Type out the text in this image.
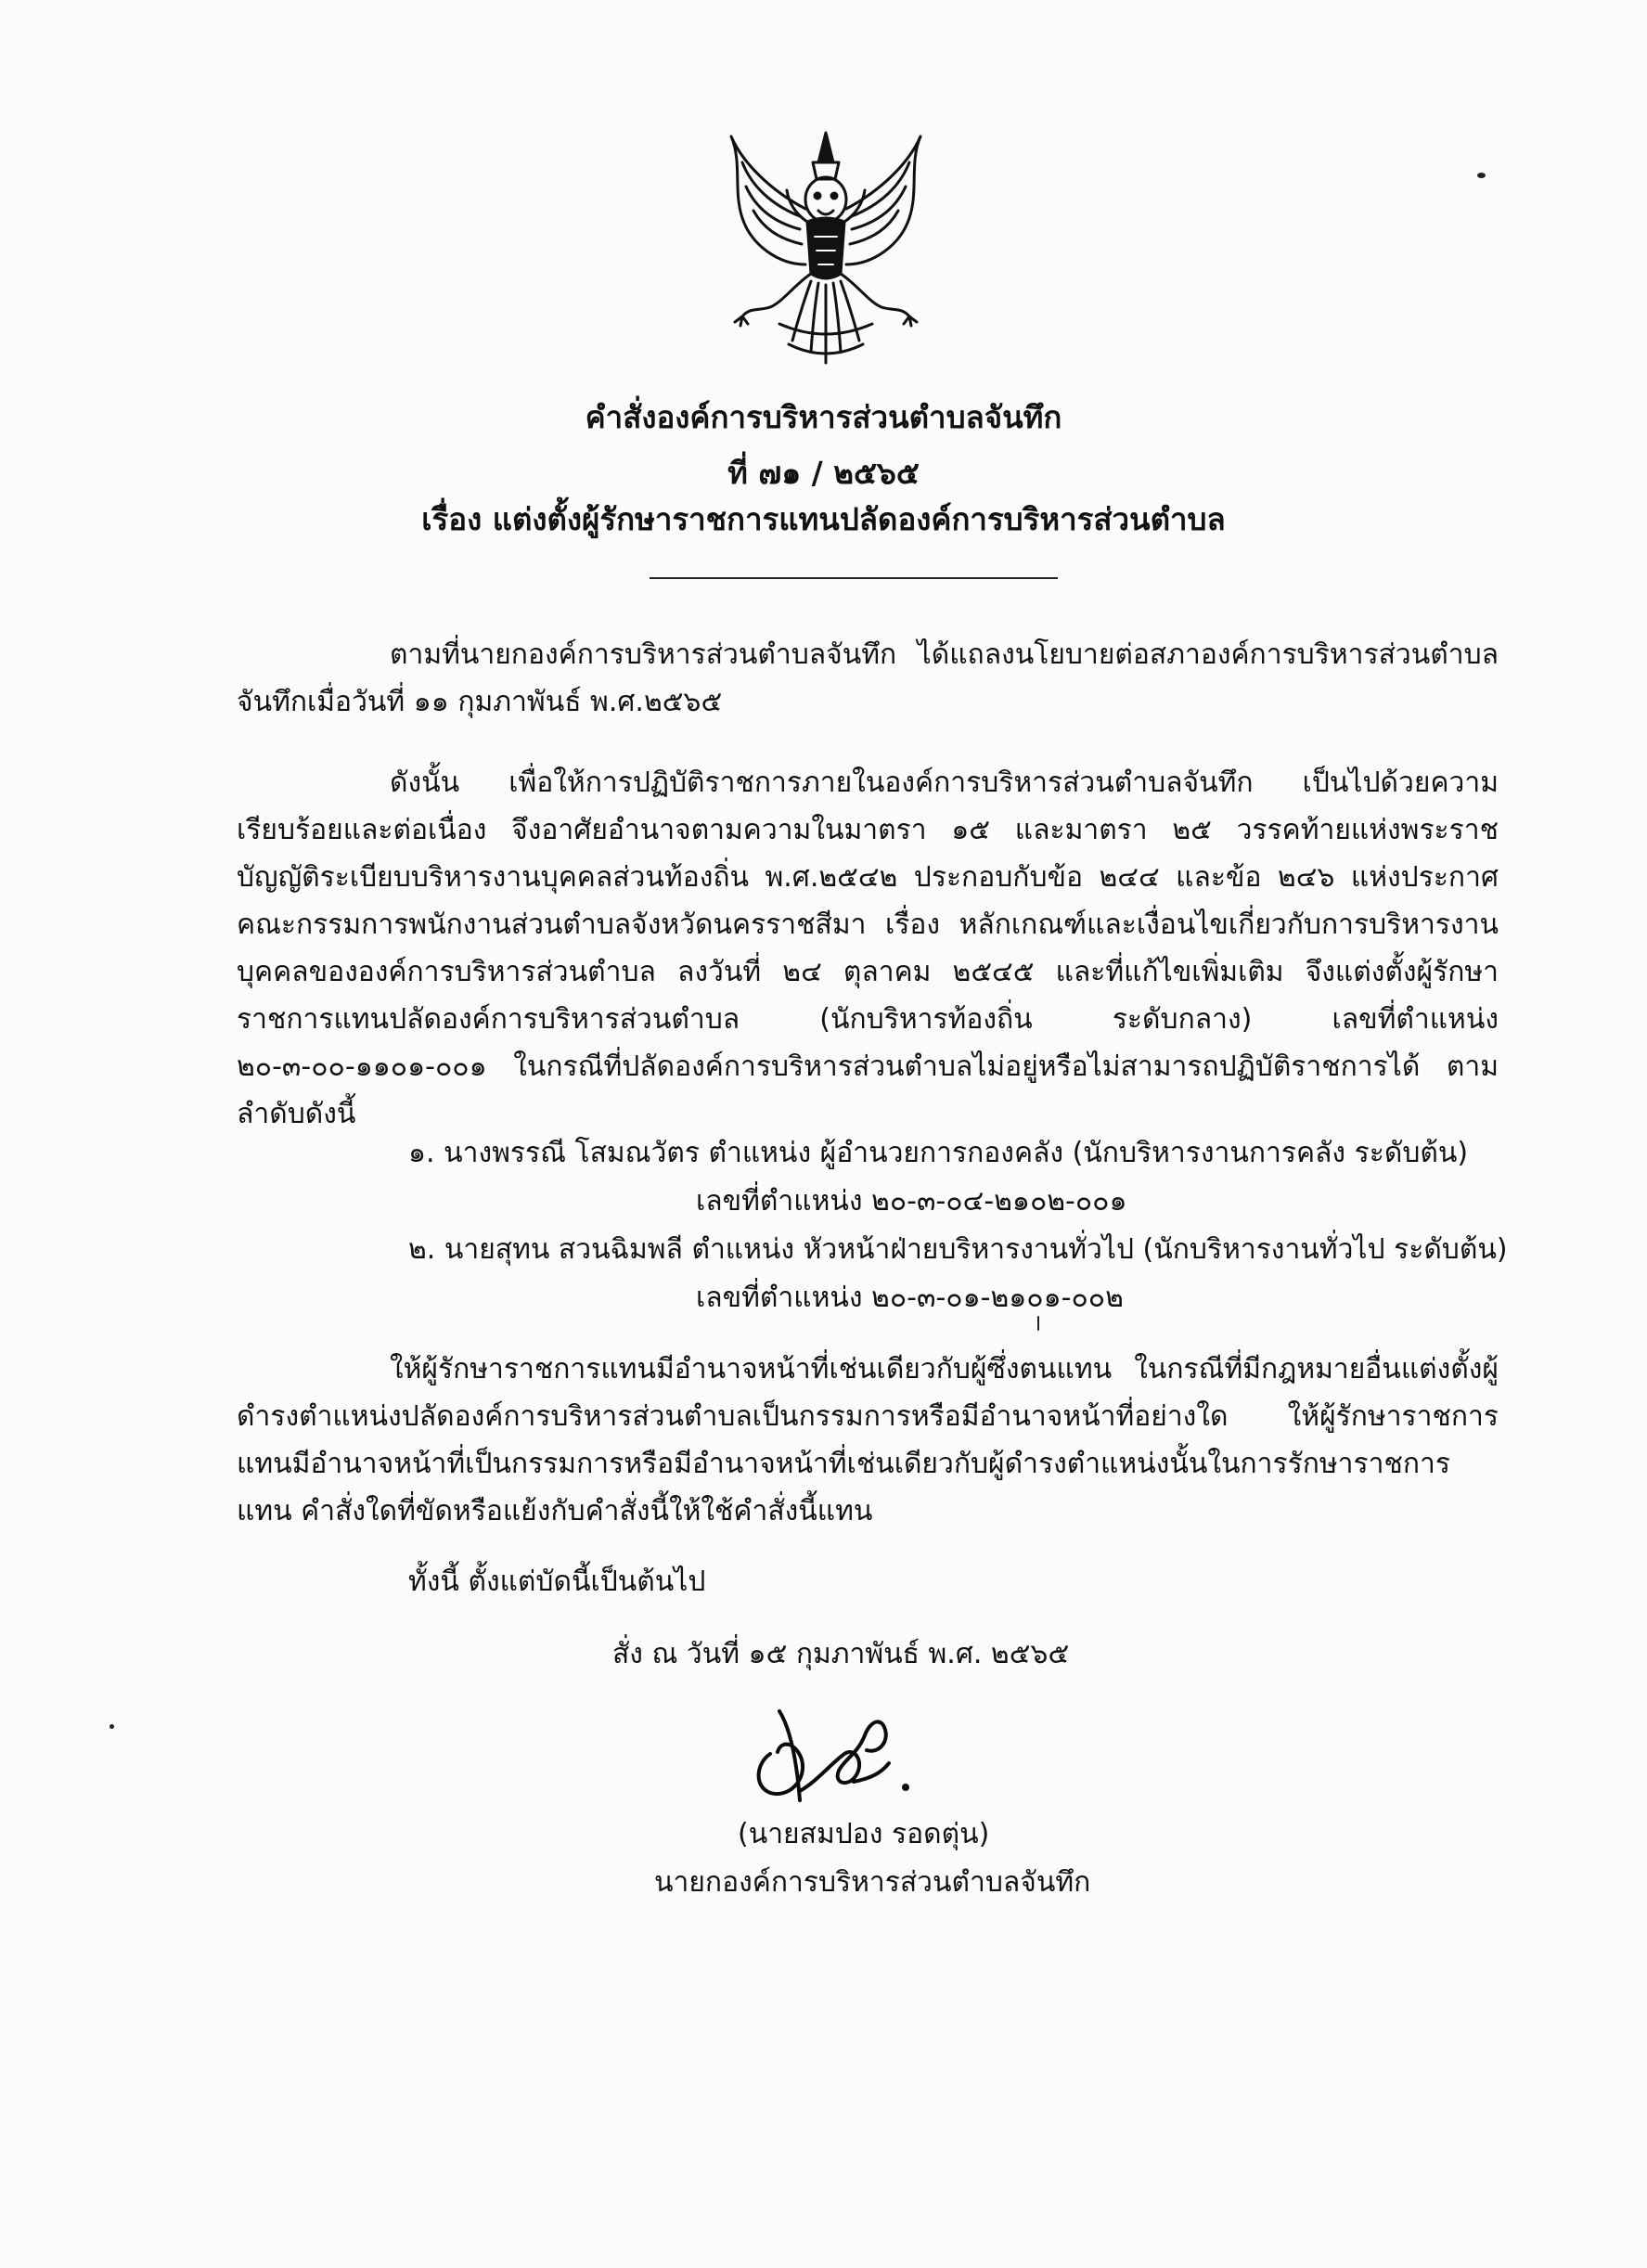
คำสั่งองค์การบริหารส่วนตำบลจันทึก
ที่ ๗๑ / ๒๕๖๕
เรื่อง แต่งตั้งผู้รักษาราชการแทนปลัดองค์การบริหารส่วนตำบล
ตามที่นายกองค์การบริหารส่วนตำบลจันทึก ได้แถลงนโยบายต่อสภาองค์การบริหารส่วนตำบลจันทึกเมื่อวันที่ ๑๑ กุมภาพันธ์ พ.ศ.๒๕๖๕
ดังนั้น เพื่อให้การปฏิบัติราชการภายในองค์การบริหารส่วนตำบลจันทึก เป็นไปด้วยความเรียบร้อยและต่อเนื่อง จึงอาศัยอำนาจตามความในมาตรา ๑๕ และมาตรา ๒๕ วรรคท้ายแห่งพระราชบัญญัติระเบียบบริหารงานบุคคลส่วนท้องถิ่น พ.ศ.๒๕๔๒ ประกอบกับข้อ ๒๔๔ และข้อ ๒๔๖ แห่งประกาศคณะกรรมการพนักงานส่วนตำบลจังหวัดนครราชสีมา เรื่อง หลักเกณฑ์และเงื่อนไขเกี่ยวกับการบริหารงานบุคคลขององค์การบริหารส่วนตำบล ลงวันที่ ๒๔ ตุลาคม ๒๕๔๕ และที่แก้ไขเพิ่มเติม จึงแต่งตั้งผู้รักษาราชการแทนปลัดองค์การบริหารส่วนตำบล (นักบริหารท้องถิ่น ระดับกลาง) เลขที่ตำแหน่ง ๒๐-๓-๐๐-๑๑๐๑-๐๐๑ ในกรณีที่ปลัดองค์การบริหารส่วนตำบลไม่อยู่หรือไม่สามารถปฏิบัติราชการได้ ตามลำดับดังนี้
๑. นางพรรณี โสมณวัตร ตำแหน่ง ผู้อำนวยการกองคลัง (นักบริหารงานการคลัง ระดับต้น)
เลขที่ตำแหน่ง ๒๐-๓-๐๔-๒๑๐๒-๐๐๑
๒. นายสุทน สวนฉิมพลี ตำแหน่ง หัวหน้าฝ่ายบริหารงานทั่วไป (นักบริหารงานทั่วไป ระดับต้น)
เลขที่ตำแหน่ง ๒๐-๓-๐๑-๒๑๐๑-๐๐๒
ให้ผู้รักษาราชการแทนมีอำนาจหน้าที่เช่นเดียวกับผู้ซึ่งตนแทน ในกรณีที่มีกฎหมายอื่นแต่งตั้งผู้ดำรงตำแหน่งปลัดองค์การบริหารส่วนตำบลเป็นกรรมการหรือมีอำนาจหน้าที่อย่างใด ให้ผู้รักษาราชการแทนมีอำนาจหน้าที่เป็นกรรมการหรือมีอำนาจหน้าที่เช่นเดียวกับผู้ดำรงตำแหน่งนั้นในการรักษาราชการแทน คำสั่งใดที่ขัดหรือแย้งกับคำสั่งนี้ให้ใช้คำสั่งนี้แทน
ทั้งนี้ ตั้งแต่บัดนี้เป็นต้นไป
สั่ง ณ วันที่ ๑๕ กุมภาพันธ์ พ.ศ. ๒๕๖๕
(นายสมปอง รอดตุ่น)
นายกองค์การบริหารส่วนตำบลจันทึก
